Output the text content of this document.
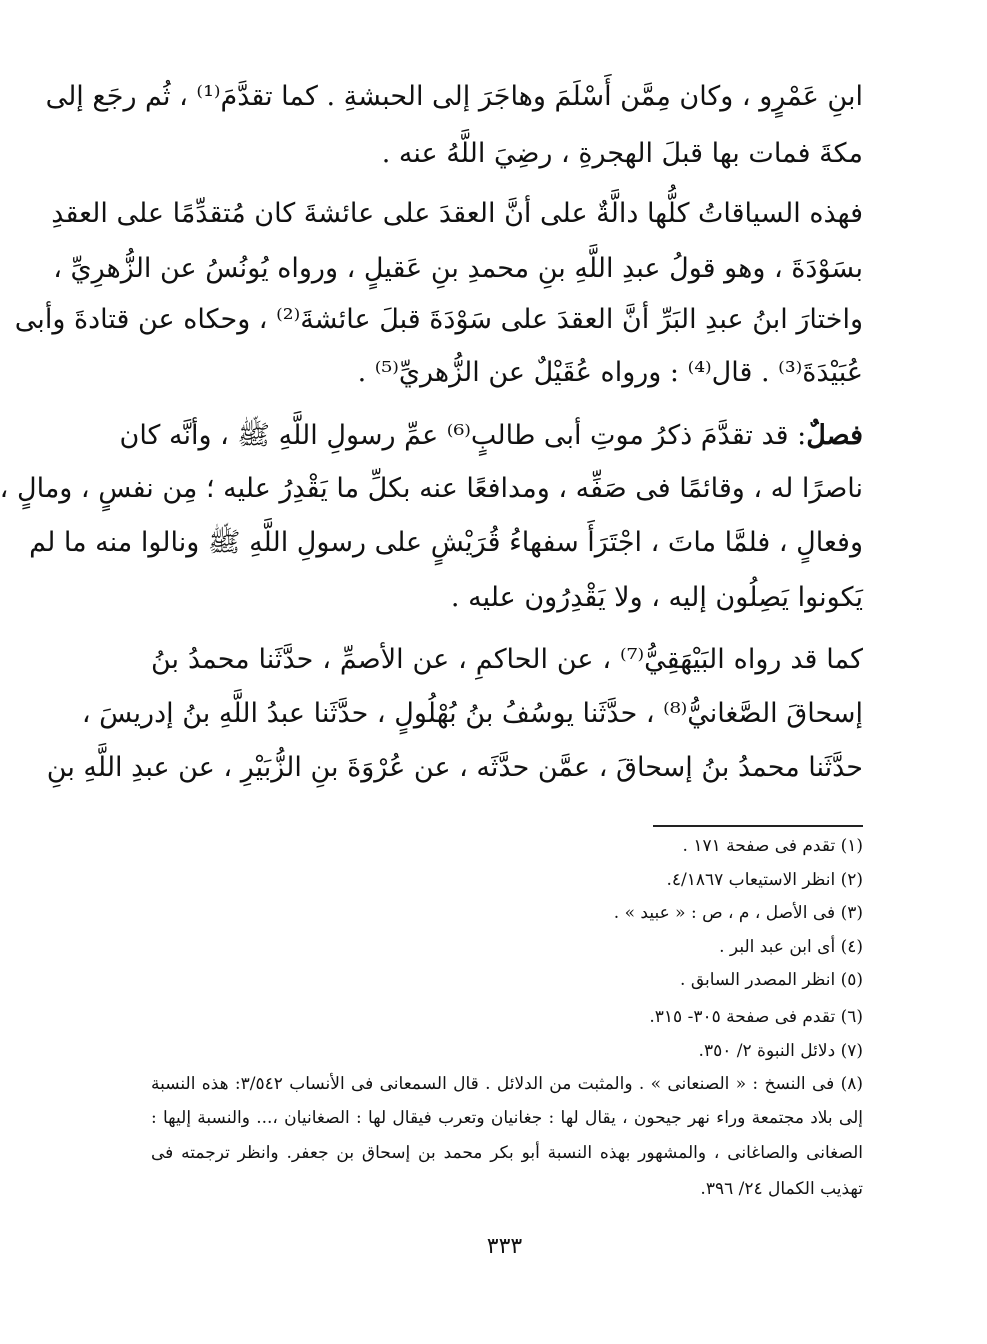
ابنِ عَمْرٍو ، وكان مِمَّن أَسْلَمَ وهاجَرَ إلى الحبشةِ . كما تقدَّمَ⁽¹⁾ ، ثُم رجَع إلى
مكةَ فمات بها قبلَ الهجرةِ ، رضِيَ اللَّهُ عنه .
فهذه السياقاتُ كلُّها دالَّةٌ على أنَّ العقدَ على عائشةَ كان مُتقدِّمًا على العقدِ
بسَوْدَةَ ، وهو قولُ عبدِ اللَّهِ بنِ محمدِ بنِ عَقيلٍ ، ورواه يُونُسُ عن الزُّهرِيِّ ،
واختارَ ابنُ عبدِ البَرِّ أنَّ العقدَ على سَوْدَةَ قبلَ عائشةَ⁽²⁾ ، وحكاه عن قتادةَ وأبى
عُبَيْدَةَ⁽³⁾ . قال⁽⁴⁾ : ورواه عُقَيْلٌ عن الزُّهريِّ⁽⁵⁾ .
فصلٌ: قد تقدَّمَ ذكرُ موتِ أبى طالبٍ⁽⁶⁾ عمِّ رسولِ اللَّهِ ﷺ ، وأنَّه كان
ناصرًا له ، وقائمًا فى صَفِّه ، ومدافعًا عنه بكلِّ ما يَقْدِرُ عليه ؛ مِن نفسٍ ، ومالٍ ،
وفعالٍ ، فلمَّا ماتَ ، اجْتَرَأَ سفهاءُ قُرَيْشٍ على رسولِ اللَّهِ ﷺ ونالوا منه ما لم
يَكونوا يَصِلُون إليه ، ولا يَقْدِرُون عليه .
كما قد رواه البَيْهَقِيُّ⁽⁷⁾ ، عن الحاكمِ ، عن الأصمِّ ، حدَّثَنا محمدُ بنُ
إسحاقَ الصَّغانيُّ⁽⁸⁾ ، حدَّثَنا يوسُفُ بنُ بُهْلُولٍ ، حدَّثَنا عبدُ اللَّهِ بنُ إدريسَ ،
حدَّثَنا محمدُ بنُ إسحاقَ ، عمَّن حدَّثَه ، عن عُرْوَةَ بنِ الزُّبَيْرِ ، عن عبدِ اللَّهِ بنِ
(١) تقدم فى صفحة ١٧١ .
(٢) انظر الاستيعاب ٤/١٨٦٧.
(٣) فى الأصل ، م ، ص : « عبيد » .
(٤) أى ابن عبد البر .
(٥) انظر المصدر السابق .
(٦) تقدم فى صفحة ٣٠٥- ٣١٥.
(٧) دلائل النبوة ٢/ ٣٥٠.
(٨) فى النسخ : « الصنعانى » . والمثبت من الدلائل . قال السمعانى فى الأنساب ٣/٥٤٢: هذه النسبة
إلى بلاد مجتمعة وراء نهر جيحون ، يقال لها : جغانيان وتعرب فيقال لها : الصغانيان ،... والنسبة إليها :
الصغانى والصاغانى ، والمشهور بهذه النسبة أبو بكر محمد بن إسحاق بن جعفر. وانظر ترجمته فى
تهذيب الكمال ٢٤/ ٣٩٦.
٣٣٣
